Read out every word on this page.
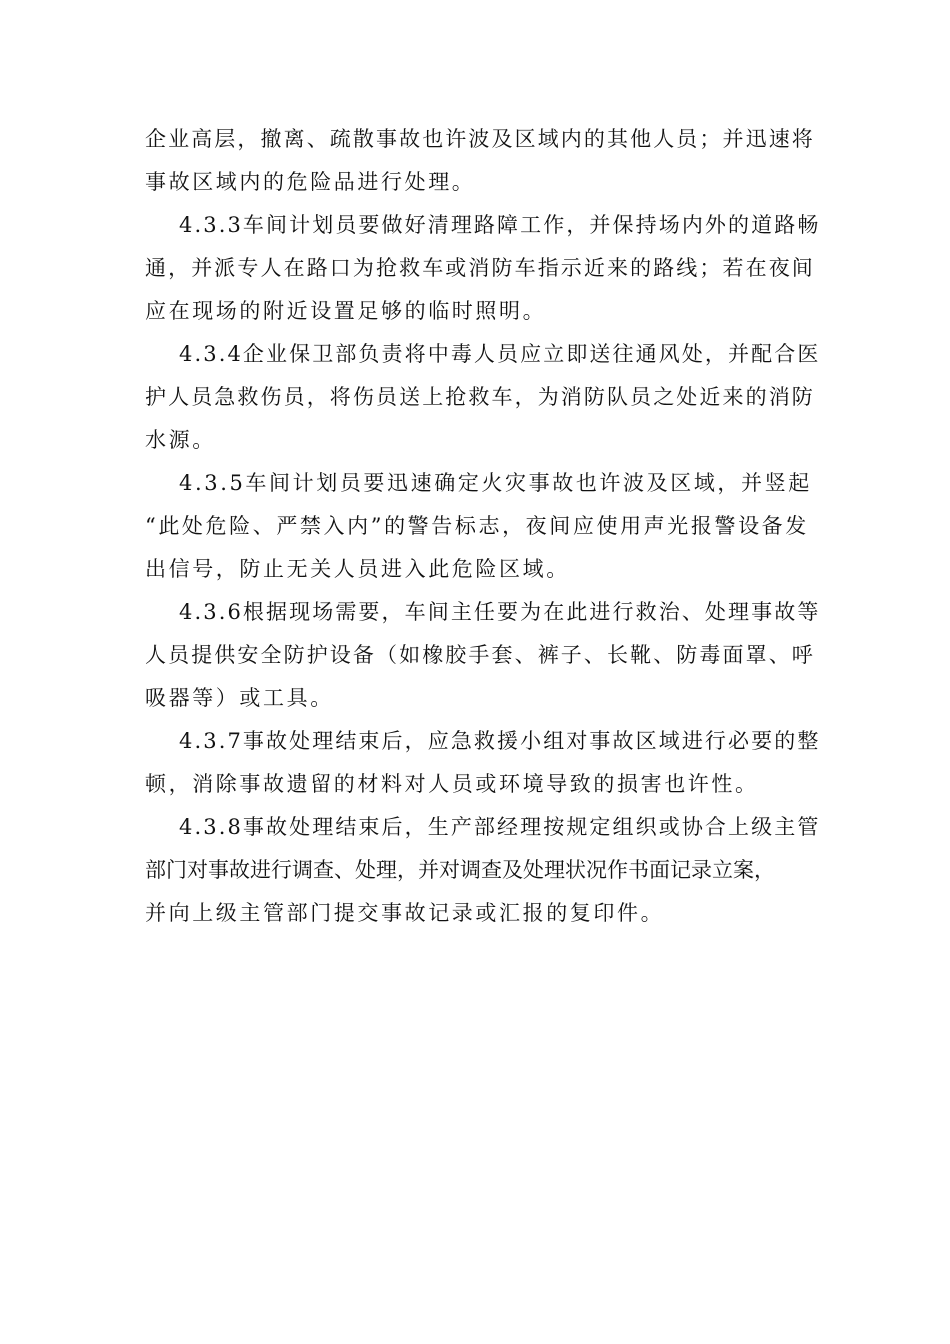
企业高层，撤离、疏散事故也许波及区域内的其他人员；并迅速将
事故区域内的危险品进行处理。
4.3.3车间计划员要做好清理路障工作，并保持场内外的道路畅
通，并派专人在路口为抢救车或消防车指示近来的路线；若在夜间
应在现场的附近设置足够的临时照明。
4.3.4企业保卫部负责将中毒人员应立即送往通风处，并配合医
护人员急救伤员，将伤员送上抢救车，为消防队员之处近来的消防
水源。
4.3.5车间计划员要迅速确定火灾事故也许波及区域，并竖起
“此处危险、严禁入内”的警告标志，夜间应使用声光报警设备发
出信号，防止无关人员进入此危险区域。
4.3.6根据现场需要，车间主任要为在此进行救治、处理事故等
人员提供安全防护设备（如橡胶手套、裤子、长靴、防毒面罩、呼
吸器等）或工具。
4.3.7事故处理结束后，应急救援小组对事故区域进行必要的整
顿，消除事故遗留的材料对人员或环境导致的损害也许性。
4.3.8事故处理结束后，生产部经理按规定组织或协合上级主管
部门对事故进行调查、处理，并对调查及处理状况作书面记录立案，
并向上级主管部门提交事故记录或汇报的复印件。
